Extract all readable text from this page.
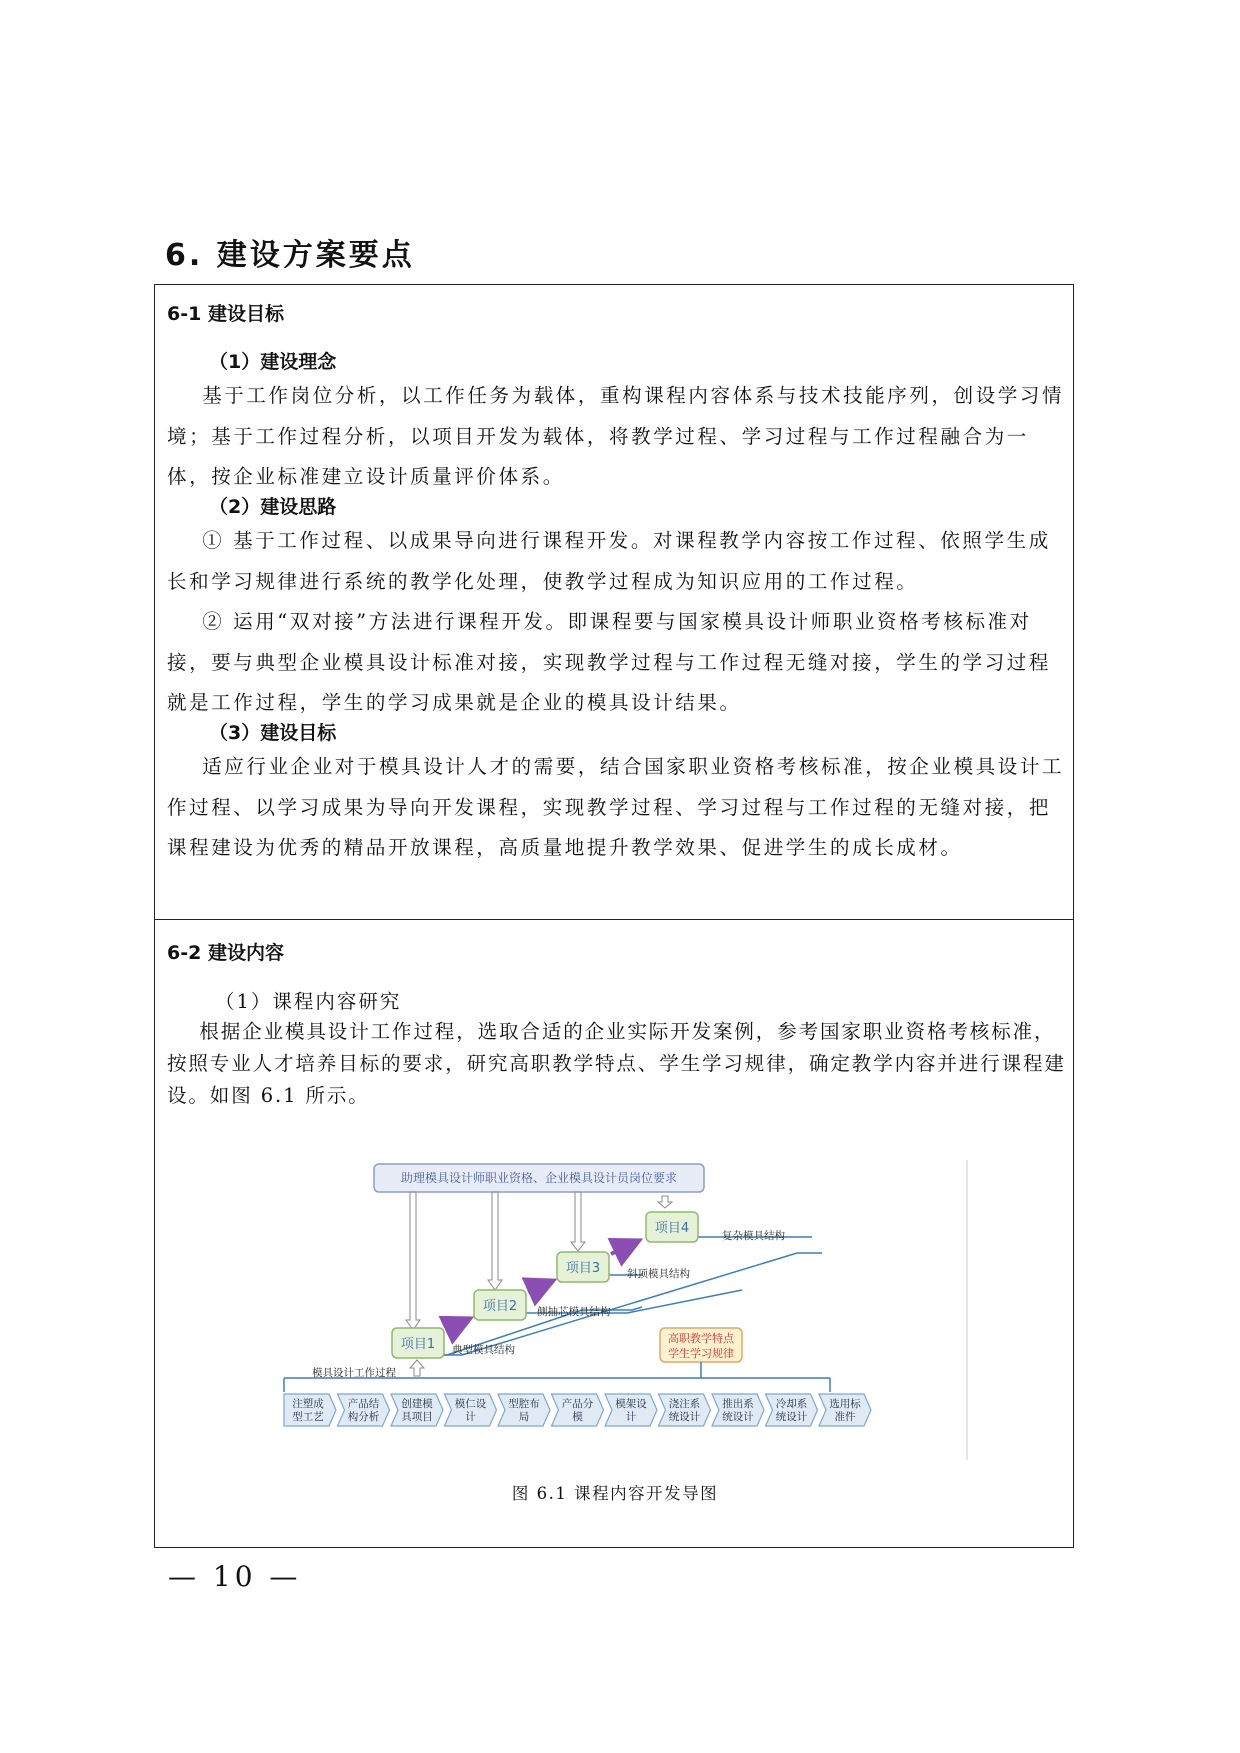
6. 建设方案要点
6-1 建设目标
（1）建设理念
基于工作岗位分析，以工作任务为载体，重构课程内容体系与技术技能序列，创设学习情境；基于工作过程分析，以项目开发为载体，将教学过程、学习过程与工作过程融合为一体，按企业标准建立设计质量评价体系。
（2）建设思路
① 基于工作过程、以成果导向进行课程开发。对课程教学内容按工作过程、依照学生成长和学习规律进行系统的教学化处理，使教学过程成为知识应用的工作过程。
② 运用“双对接”方法进行课程开发。即课程要与国家模具设计师职业资格考核标准对接，要与典型企业模具设计标准对接，实现教学过程与工作过程无缝对接，学生的学习过程就是工作过程，学生的学习成果就是企业的模具设计结果。
（3）建设目标
适应行业企业对于模具设计人才的需要，结合国家职业资格考核标准，按企业模具设计工作过程、以学习成果为导向开发课程，实现教学过程、学习过程与工作过程的无缝对接，把课程建设为优秀的精品开放课程，高质量地提升教学效果、促进学生的成长成材。
6-2 建设内容
（1）课程内容研究
根据企业模具设计工作过程，选取合适的企业实际开发案例，参考国家职业资格考核标准，按照专业人才培养目标的要求，研究高职教学特点、学生学习规律，确定教学内容并进行课程建设。如图 6.1 所示。
助理模具设计师职业资格、企业模具设计员岗位要求
项目1
项目2
项目3
项目4
典型模具结构
侧抽芯模具结构
斜顶模具结构
复杂模具结构
高职教学特点
学生学习规律
模具设计工作过程
注塑成
型工艺
产品结
构分析
创建模
具项目
模仁设
计
型腔布
局
产品分
模
模架设
计
浇注系
统设计
推出系
统设计
冷却系
统设计
选用标
准件
图 6.1 课程内容开发导图
— 10 —
